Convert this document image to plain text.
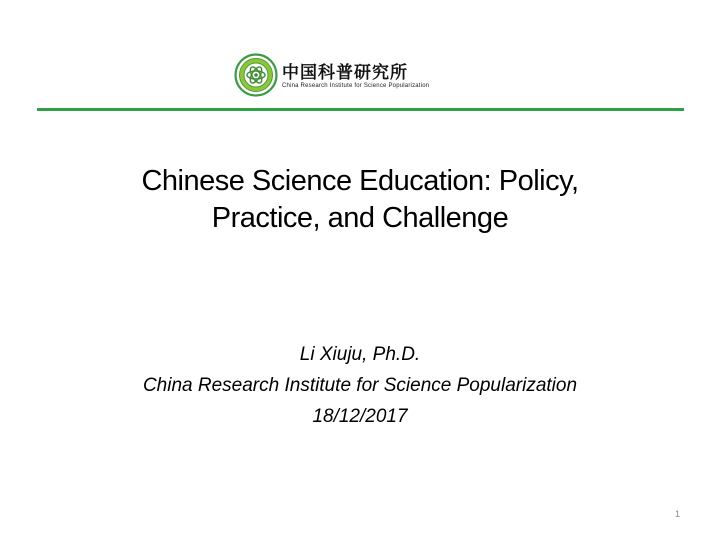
中国科普研究所
China Research Institute for Science Popularization
Chinese Science Education: Policy,
Practice, and Challenge
Li Xiuju, Ph.D.
China Research Institute for Science Popularization
18/12/2017
1
